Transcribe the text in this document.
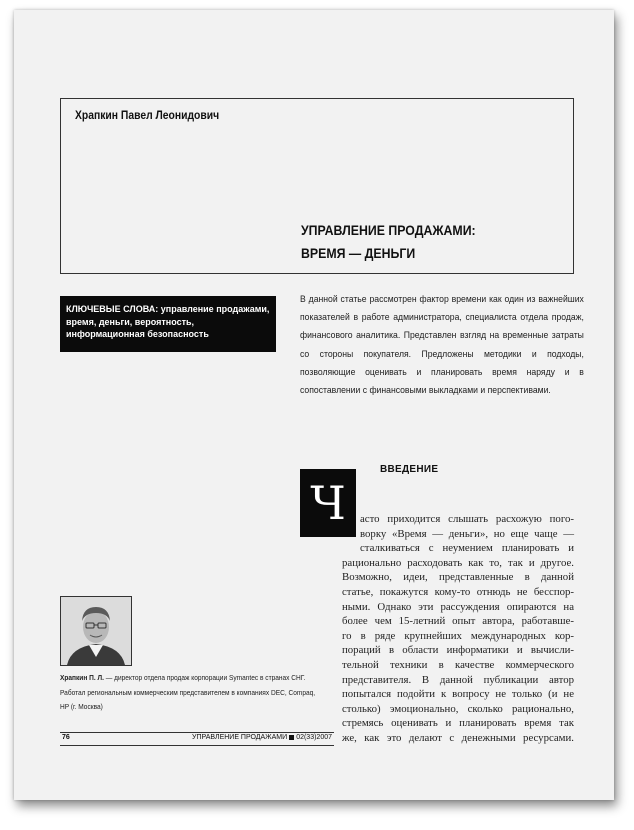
Храпкин Павел Леонидович
УПРАВЛЕНИЕ ПРОДАЖАМИ:
ВРЕМЯ — ДЕНЬГИ
КЛЮЧЕВЫЕ СЛОВА: управление продажами, время, деньги, вероятность, информационная безопасность
В данной статье рассмотрен фактор времени как один из важнейших показателей в работе администратора, специалиста отдела продаж, финансового аналитика. Представлен взгляд на временные затраты со стороны покупателя. Предложены методики и подходы, позволяющие оценивать и планировать время наряду и в сопоставлении с финансовыми выкладками и перспективами.
ВВЕДЕНИЕ
Ч	асто приходится слышать расхожую пого-
ворку «Время — деньги», но еще чаще —
сталкиваться с неумением планировать и
рационально расходовать как то, так и другое.
Возможно, идеи, представленные в данной
статье, покажутся кому-то отнюдь не бесспор-
ными. Однако эти рассуждения опираются на
более чем 15-летний опыт автора, работавше-
го в ряде крупнейших международных кор-
пораций в области информатики и вычисли-
тельной техники в качестве коммерческого
представителя. В данной публикации автор
попытался подойти к вопросу не только (и не
столько) эмоционально, сколько рационально,
стремясь оценивать и планировать время так
же, как это делают с денежными ресурсами.
Храпкин П. Л. — директор отдела продаж корпорации Symantec в странах СНГ. Работал региональным коммерческим представителем в компаниях DEC, Compaq, HP (г. Москва)
76	УПРАВЛЕНИЕ ПРОДАЖАМИ 02(33)2007
